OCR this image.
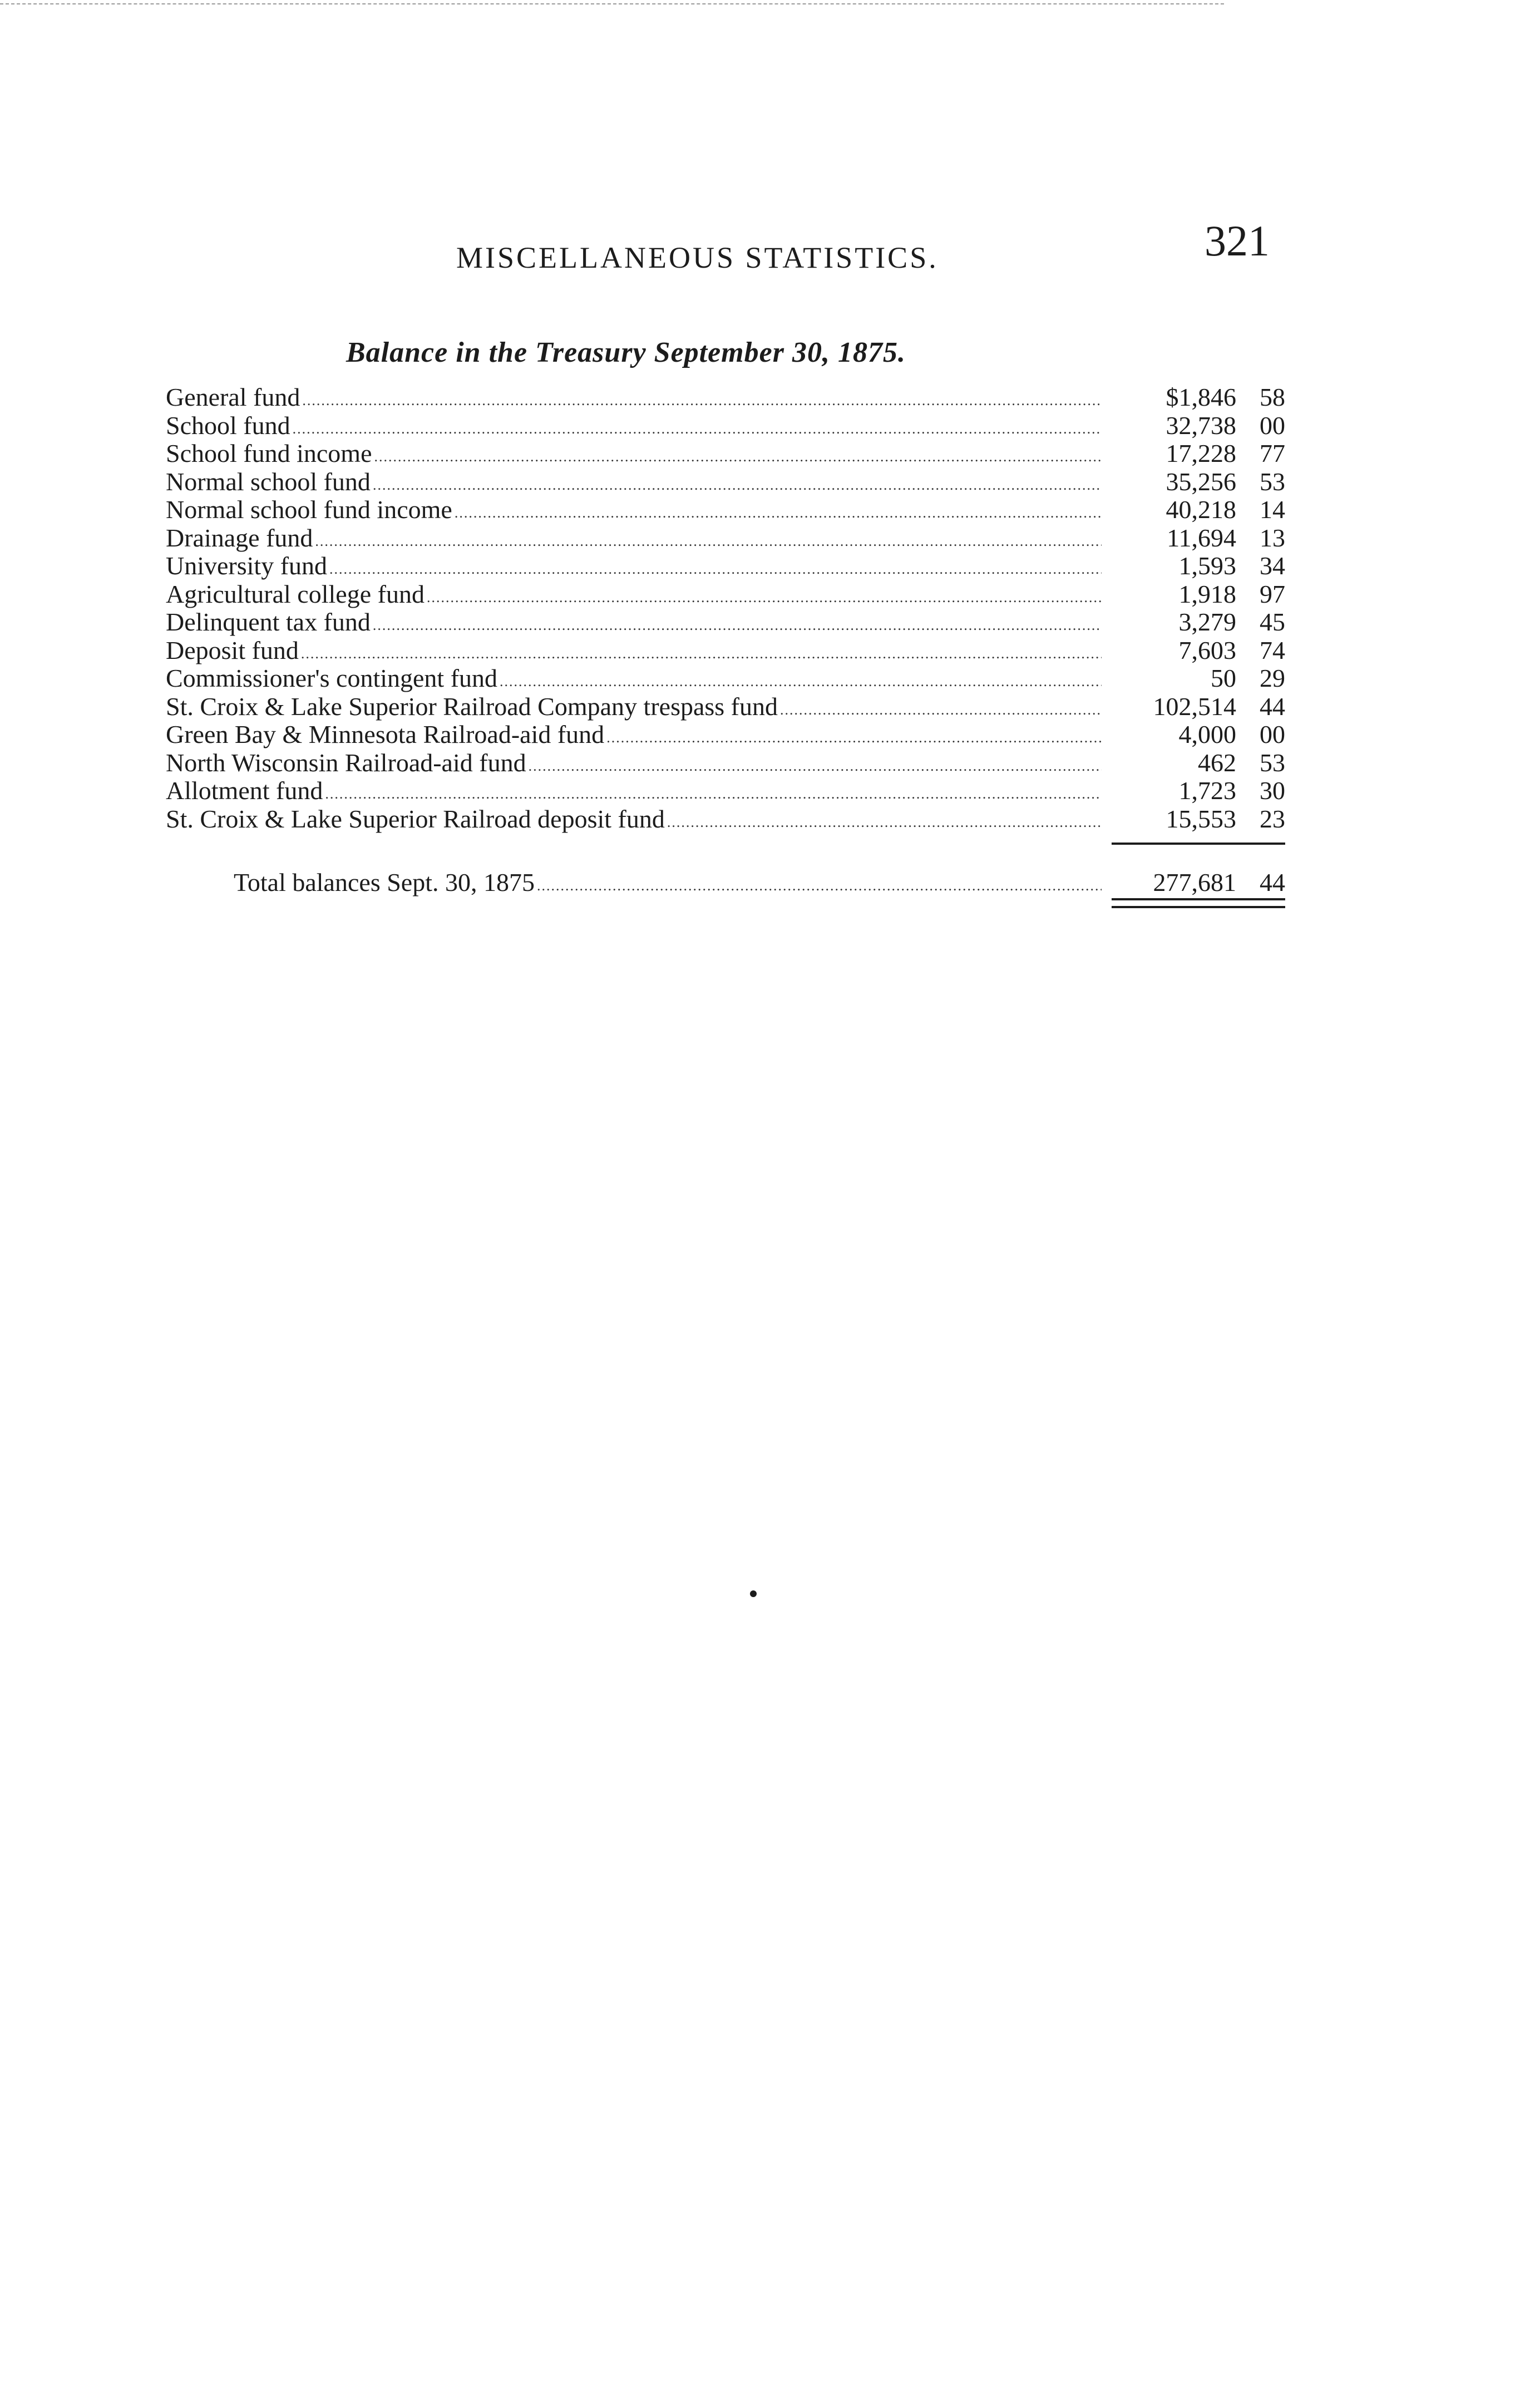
MISCELLANEOUS STATISTICS.	321
Balance in the Treasury September 30, 1875.
General fund .....	$1,846 58
School fund .....	32,738 00
School fund income .....	17,228 77
Normal school fund .....	35,256 53
Normal school fund income .....	40,218 14
Drainage fund .....	11,694 13
University fund .....	1,593 34
Agricultural college fund .....	1,918 97
Delinquent tax fund .....	3,279 45
Deposit fund .....	7,603 74
Commissioner's contingent fund .....	50 29
St. Croix & Lake Superior Railroad Company trespass fund .....	102,514 44
Green Bay & Minnesota Railroad-aid fund .....	4,000 00
North Wisconsin Railroad-aid fund .....	462 53
Allotment fund .....	1,723 30
St. Croix & Lake Superior Railroad deposit fund .....	15,553 23
Total balances Sept. 30, 1875 .....	277,681 44
